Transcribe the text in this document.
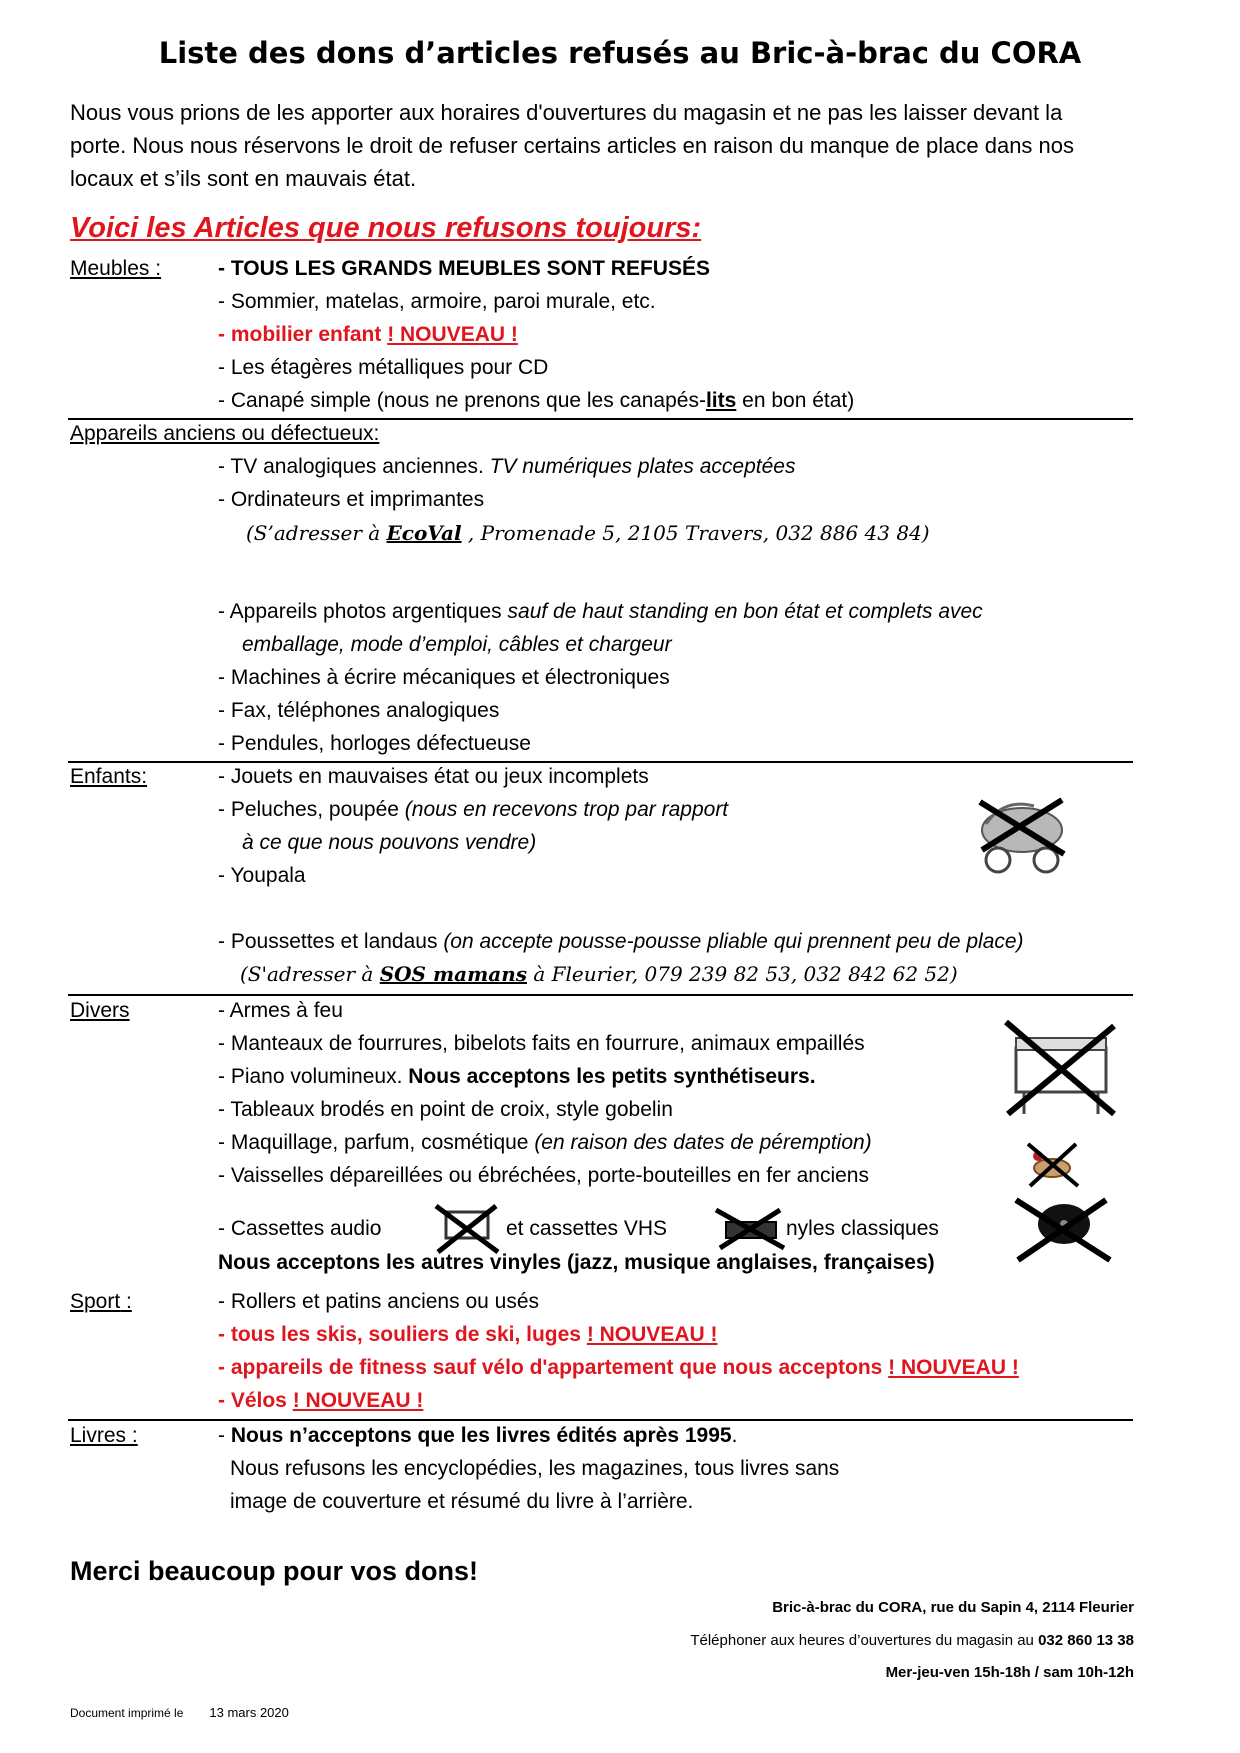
Liste des dons d’articles refusés au Bric-à-brac du CORA
Nous vous prions de les apporter aux horaires d'ouvertures du magasin et ne pas les laisser devant la
porte. Nous nous réservons le droit de refuser certains articles en raison du manque de place dans nos
locaux et s’ils sont en mauvais état.
Voici les Articles que nous refusons toujours:
Meubles :	- TOUS LES GRANDS MEUBLES SONT REFUSÉS
- Sommier, matelas, armoire, paroi murale, etc.
- mobilier enfant ! NOUVEAU !
- Les étagères métalliques pour CD
- Canapé simple (nous ne prenons que les canapés-lits en bon état)
Appareils anciens ou défectueux:
- TV analogiques anciennes. TV numériques plates acceptées
- Ordinateurs et imprimantes
(S’adresser à EcoVal , Promenade 5, 2105 Travers, 032 886 43 84)
- Appareils photos argentiques sauf de haut standing en bon état et complets avec
emballage, mode d’emploi, câbles et chargeur
- Machines à écrire mécaniques et électroniques
- Fax, téléphones analogiques
- Pendules, horloges défectueuse
Enfants:	- Jouets en mauvaises état ou jeux incomplets
- Peluches, poupée (nous en recevons trop par rapport
à ce que nous pouvons vendre)
- Youpala
- Poussettes et landaus (on accepte pousse-pousse pliable qui prennent peu de place)
(S'adresser à SOS mamans à Fleurier, 079 239 82 53, 032 842 62 52)
Divers	- Armes à feu
- Manteaux de fourrures, bibelots faits en fourrure, animaux empaillés
- Piano volumineux. Nous acceptons les petits synthétiseurs.
- Tableaux brodés en point de croix, style gobelin
- Maquillage, parfum, cosmétique (en raison des dates de péremption)
- Vaisselles dépareillées ou ébréchées, porte-bouteilles en fer anciens
- Cassettes audio	et cassettes VHS	nyles classiques
Nous acceptons les autres vinyles (jazz, musique anglaises, françaises)
Sport :	- Rollers et patins anciens ou usés
- tous les skis, souliers de ski, luges ! NOUVEAU !
- appareils de fitness sauf vélo d'appartement que nous acceptons ! NOUVEAU !
- Vélos ! NOUVEAU !
Livres :	- Nous n’acceptons que les livres édités après 1995.
Nous refusons les encyclopédies, les magazines, tous livres sans
image de couverture et résumé du livre à l’arrière.
Merci beaucoup pour vos dons!
Bric-à-brac du CORA, rue du Sapin 4, 2114 Fleurier
Téléphoner aux heures d’ouvertures du magasin au 032 860 13 38
Mer-jeu-ven 15h-18h / sam 10h-12h
Document imprimé le 13 mars 2020
